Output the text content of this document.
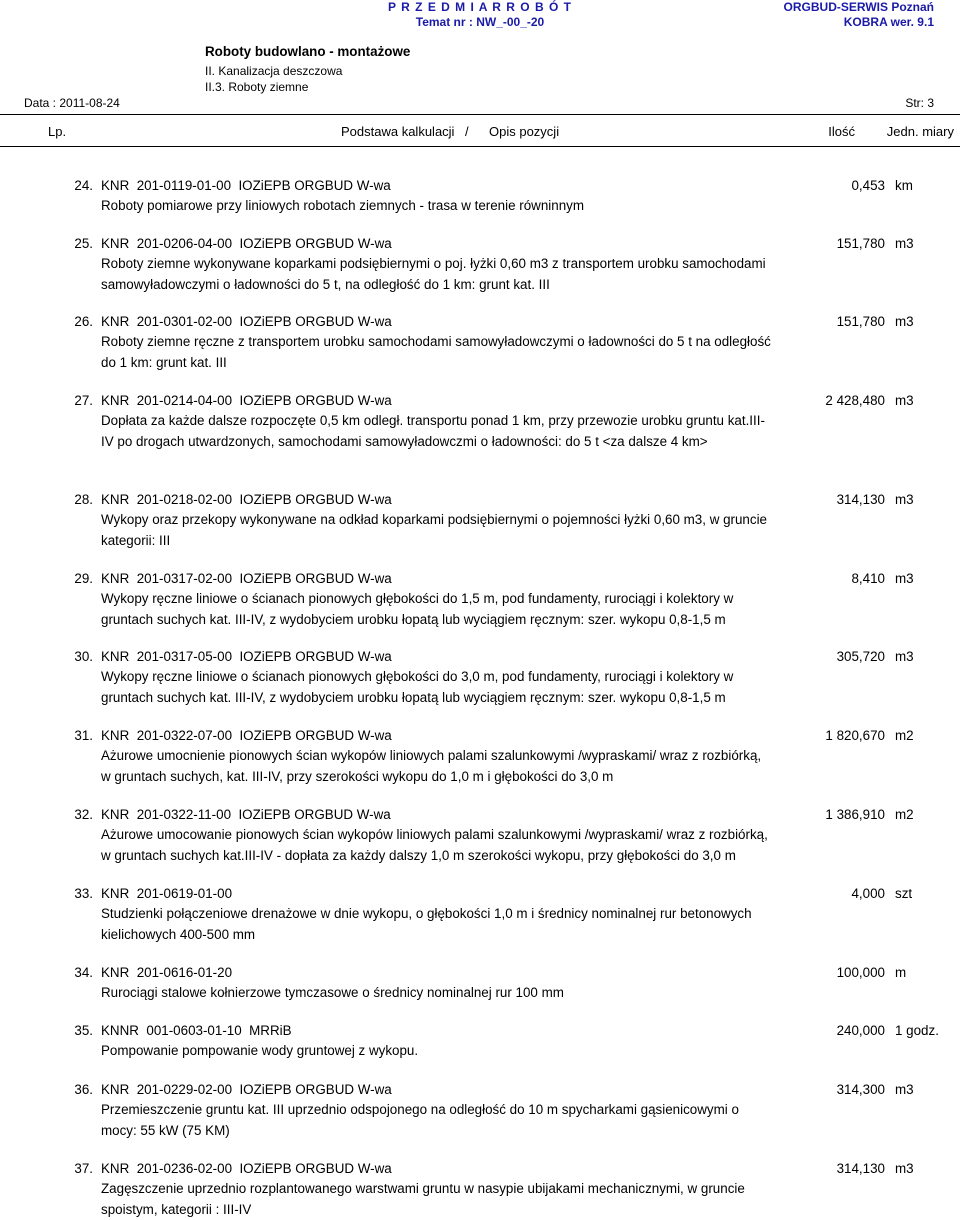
P R Z E D M I A R R O B Ó T
Temat nr : NW_-00_-20
ORGBUD-SERWIS Poznań
KOBRA wer. 9.1
Roboty budowlano - montażowe
II. Kanalizacja deszczowa
II.3. Roboty ziemne
Data : 2011-08-24	Str: 3
Lp.	Podstawa kalkulacji / Opis pozycji	Ilość Jedn. miary
24. KNR  201-0119-01-00  IOZiEPB ORGBUD W-wa	0,453 km
Roboty pomiarowe przy liniowych robotach ziemnych - trasa w terenie równinnym
25. KNR  201-0206-04-00  IOZiEPB ORGBUD W-wa	151,780 m3
Roboty ziemne wykonywane koparkami podsiębiernymi o poj. łyżki 0,60 m3 z transportem urobku samochodami samowyładowczymi o ładowności do 5 t, na odległość do 1 km: grunt kat. III
26. KNR  201-0301-02-00  IOZiEPB ORGBUD W-wa	151,780 m3
Roboty ziemne ręczne z transportem urobku samochodami samowyładowczymi o ładowności do 5 t na odległość do 1 km: grunt kat. III
27. KNR  201-0214-04-00  IOZiEPB ORGBUD W-wa	2 428,480 m3
Dopłata za każde dalsze rozpoczęte 0,5 km odległ. transportu ponad 1 km, przy przewozie urobku gruntu kat.III-IV po drogach utwardzonych, samochodami samowyładowczmi o ładowności: do 5 t <za dalsze 4 km>
28. KNR  201-0218-02-00  IOZiEPB ORGBUD W-wa	314,130 m3
Wykopy oraz przekopy wykonywane na odkład koparkami podsiębiernymi o pojemności łyżki 0,60 m3, w gruncie kategorii: III
29. KNR  201-0317-02-00  IOZiEPB ORGBUD W-wa	8,410 m3
Wykopy ręczne liniowe o ścianach pionowych głębokości do 1,5 m, pod fundamenty, rurociągi i kolektory w gruntach suchych kat. III-IV, z wydobyciem urobku łopatą lub wyciągiem ręcznym: szer. wykopu 0,8-1,5 m
30. KNR  201-0317-05-00  IOZiEPB ORGBUD W-wa	305,720 m3
Wykopy ręczne liniowe o ścianach pionowych głębokości do 3,0 m, pod fundamenty, rurociągi i kolektory w gruntach suchych kat. III-IV, z wydobyciem urobku łopatą lub wyciągiem ręcznym: szer. wykopu 0,8-1,5 m
31. KNR  201-0322-07-00  IOZiEPB ORGBUD W-wa	1 820,670 m2
Ażurowe umocnienie pionowych ścian wykopów liniowych palami szalunkowymi /wypraskami/ wraz z rozbiórką, w gruntach suchych, kat. III-IV, przy szerokości wykopu do 1,0 m i głębokości do 3,0 m
32. KNR  201-0322-11-00  IOZiEPB ORGBUD W-wa	1 386,910 m2
Ażurowe umocowanie pionowych ścian wykopów liniowych palami szalunkowymi /wypraskami/ wraz z rozbiórką, w gruntach suchych kat.III-IV - dopłata za każdy dalszy 1,0 m szerokości wykopu, przy głębokości do 3,0 m
33. KNR  201-0619-01-00	4,000 szt
Studzienki połączeniowe drenażowe w dnie wykopu, o głębokości 1,0 m i średnicy nominalnej rur betonowych kielichowych 400-500 mm
34. KNR  201-0616-01-20	100,000 m
Rurociągi stalowe kołnierzowe tymczasowe o średnicy nominalnej rur 100 mm
35. KNNR  001-0603-01-10  MRRiB	240,000 1 godz.
Pompowanie pompowanie wody gruntowej z wykopu.
36. KNR  201-0229-02-00  IOZiEPB ORGBUD W-wa	314,300 m3
Przemieszczenie gruntu kat. III uprzednio odspojonego na odległość do 10 m spycharkami gąsienicowymi o mocy: 55 kW (75 KM)
37. KNR  201-0236-02-00  IOZiEPB ORGBUD W-wa	314,130 m3
Zagęszczenie uprzednio rozplantowanego warstwami gruntu w nasypie ubijakami mechanicznymi, w gruncie spoistym, kategorii : III-IV
